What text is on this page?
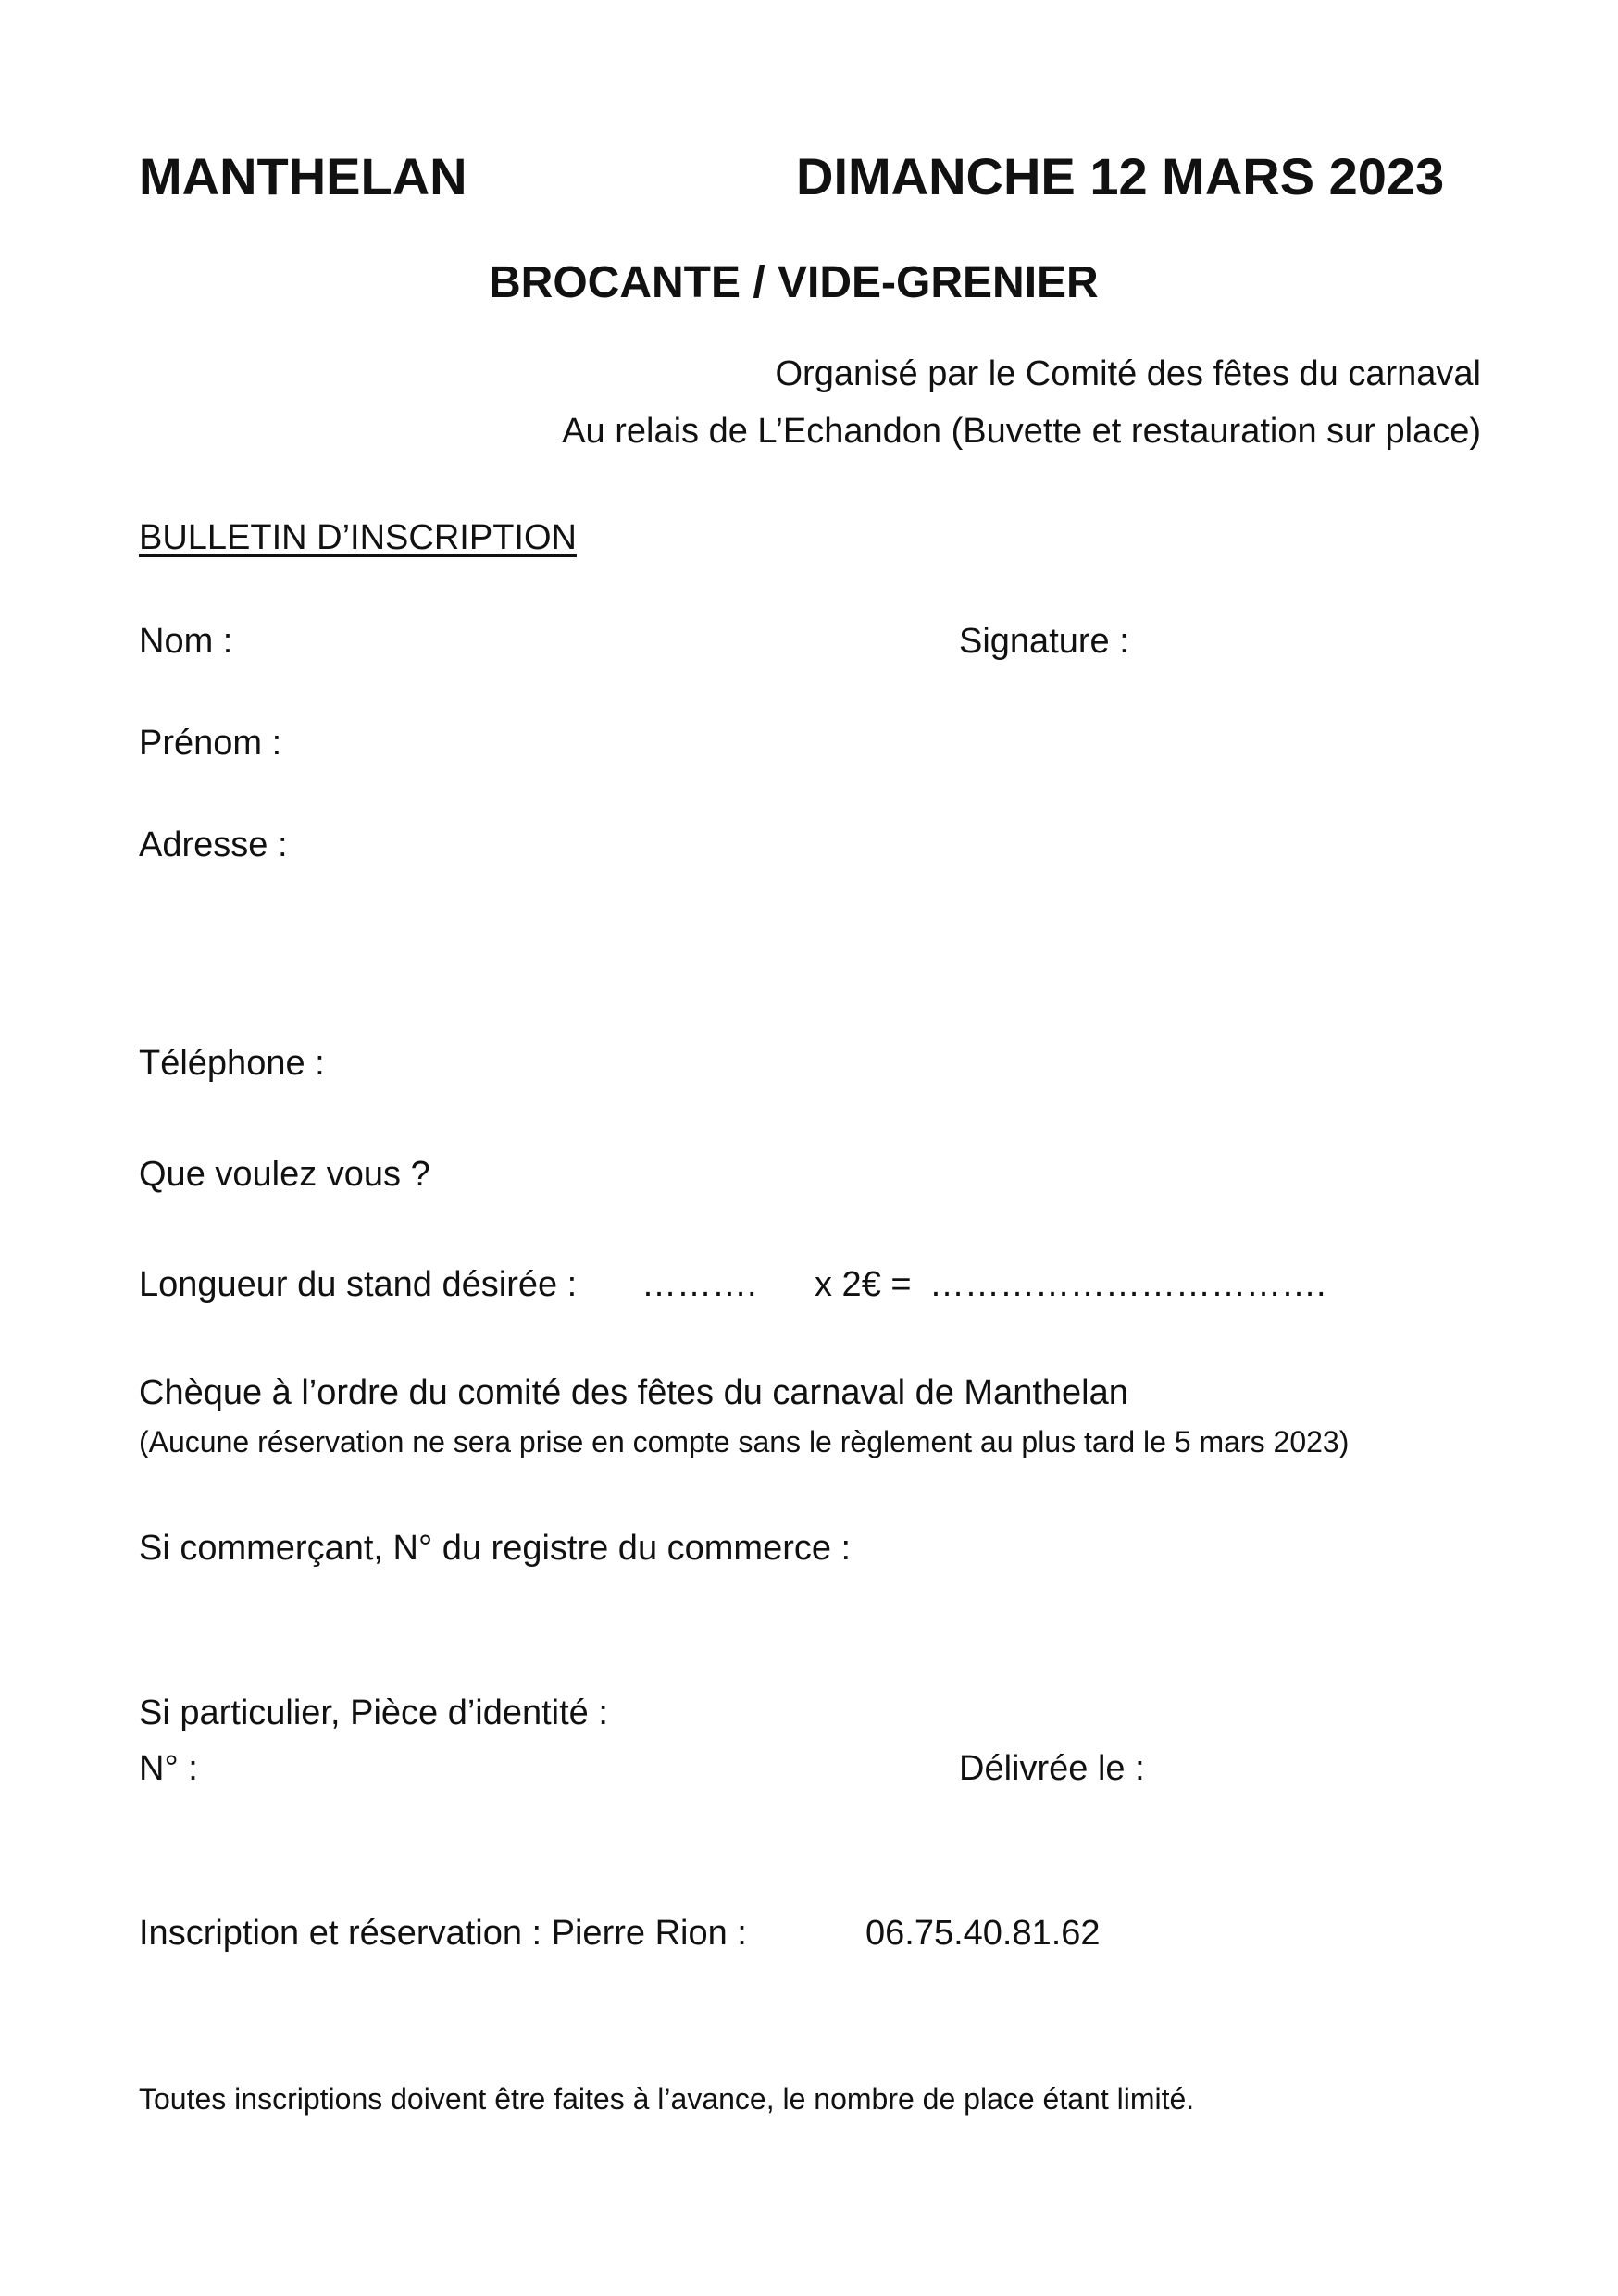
MANTHELAN	DIMANCHE 12 MARS 2023
BROCANTE / VIDE-GRENIER
Organisé par le Comité des fêtes du carnaval
Au relais de L’Echandon (Buvette et restauration sur place)
BULLETIN D’INSCRIPTION
Nom :	Signature :
Prénom :
Adresse :
Téléphone :
Que voulez vous ?
Longueur du stand désirée : ………. x 2€ = …………………………….
Chèque à l’ordre du comité des fêtes du carnaval de Manthelan
(Aucune réservation ne sera prise en compte sans le règlement au plus tard le 5 mars 2023)
Si commerçant, N° du registre du commerce :
Si particulier, Pièce d’identité :
N° :	Délivrée le :
Inscription et réservation : Pierre Rion :	06.75.40.81.62
Toutes inscriptions doivent être faites à l’avance, le nombre de place étant limité.
